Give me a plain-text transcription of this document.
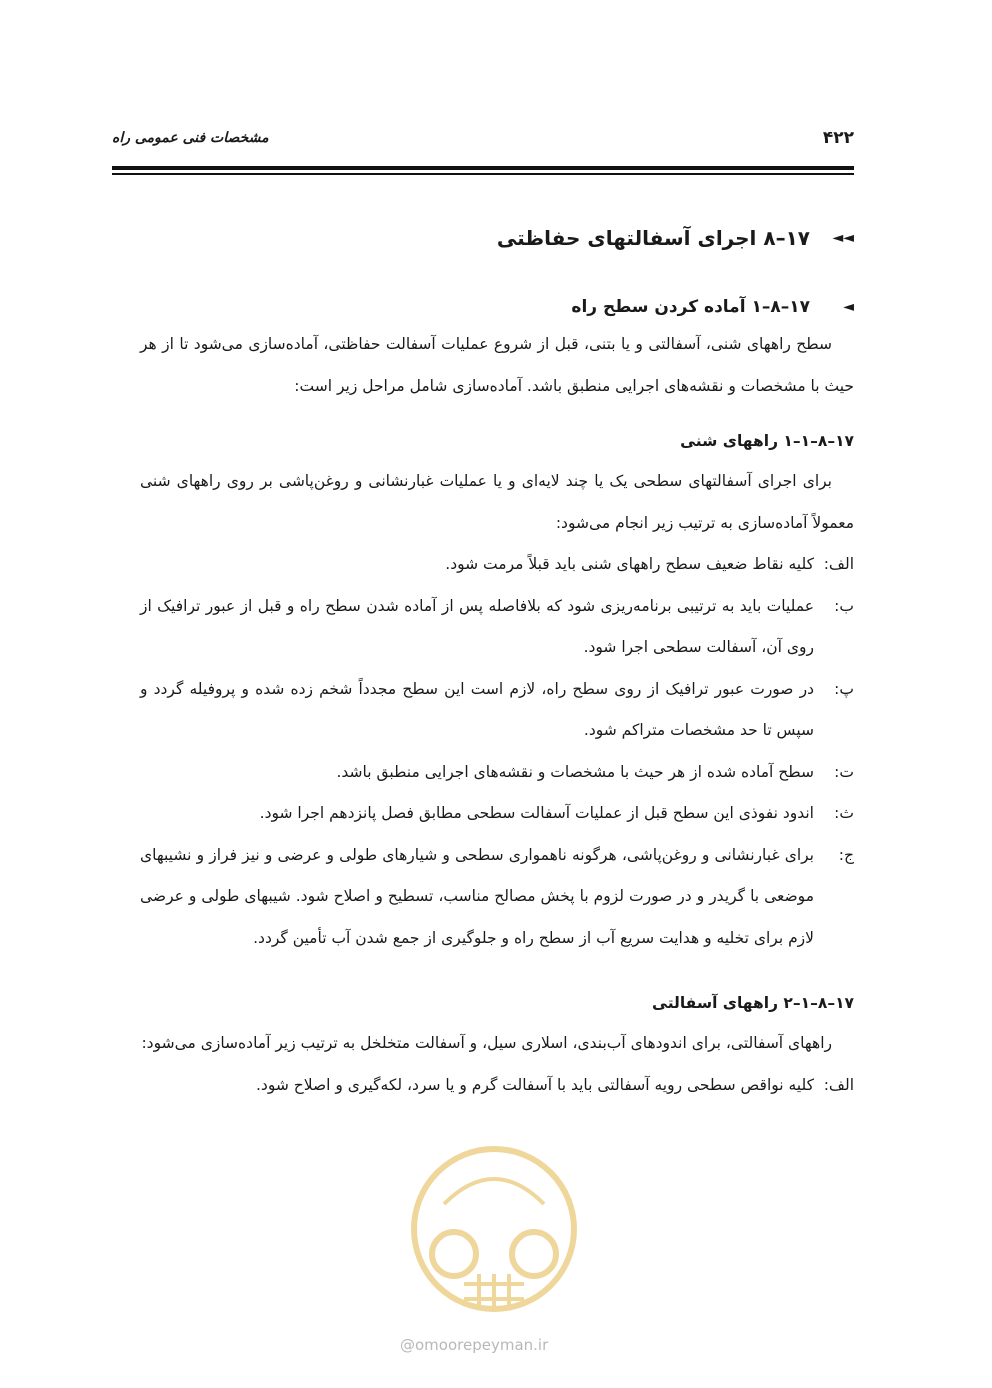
۴۲۲
مشخصات فنی عمومی راه
◄◄
۱۷–۸ اجرای آسفالتهای حفاظتی
◄
۱۷–۸–۱ آماده کردن سطح راه

سطح راههای شنی، آسفالتی و یا بتنی، قبل از شروع عملیات آسفالت حفاظتی، آماده‌سازی می‌شود تا از هر حیث با مشخصات و نقشه‌های اجرایی منطبق باشد. آماده‌سازی شامل مراحل زیر است:

۱۷–۸–۱–۱ راههای شنی

برای اجرای آسفالتهای سطحی یک یا چند لایه‌ای و یا عملیات غبارنشانی و روغن‌پاشی بر روی راههای شنی معمولاً آماده‌سازی به ترتیب زیر انجام می‌شود:

الف:
کلیه نقاط ضعیف سطح راههای شنی باید قبلاً مرمت شود.
ب:
عملیات باید به ترتیبی برنامه‌ریزی شود که بلافاصله پس از آماده شدن سطح راه و قبل از عبور ترافیک از روی آن، آسفالت سطحی اجرا شود.
پ:
در صورت عبور ترافیک از روی سطح راه، لازم است این سطح مجدداً شخم زده شده و پروفیله گردد و سپس تا حد مشخصات متراکم شود.
ت:
سطح آماده شده از هر حیث با مشخصات و نقشه‌های اجرایی منطبق باشد.
ث:
اندود نفوذی این سطح قبل از عملیات آسفالت سطحی مطابق فصل پانزدهم اجرا شود.
ج:
برای غبارنشانی و روغن‌پاشی، هرگونه ناهمواری سطحی و شیارهای طولی و عرضی و نیز فراز و نشیبهای موضعی با گریدر و در صورت لزوم با پخش مصالح مناسب، تسطیح و اصلاح شود. شیبهای طولی و عرضی لازم برای تخلیه و هدایت سریع آب از سطح راه و جلوگیری از جمع شدن آب تأمین گردد.
۱۷–۸–۱–۲ راههای آسفالتی

راههای آسفالتی، برای اندودهای آب‌بندی، اسلاری سیل، و آسفالت متخلخل به ترتیب زیر آماده‌سازی می‌شود:

الف:
کلیه نواقص سطحی رویه آسفالتی باید با آسفالت گرم و یا سرد، لکه‌گیری و اصلاح شود.
@omoorepeyman.ir
